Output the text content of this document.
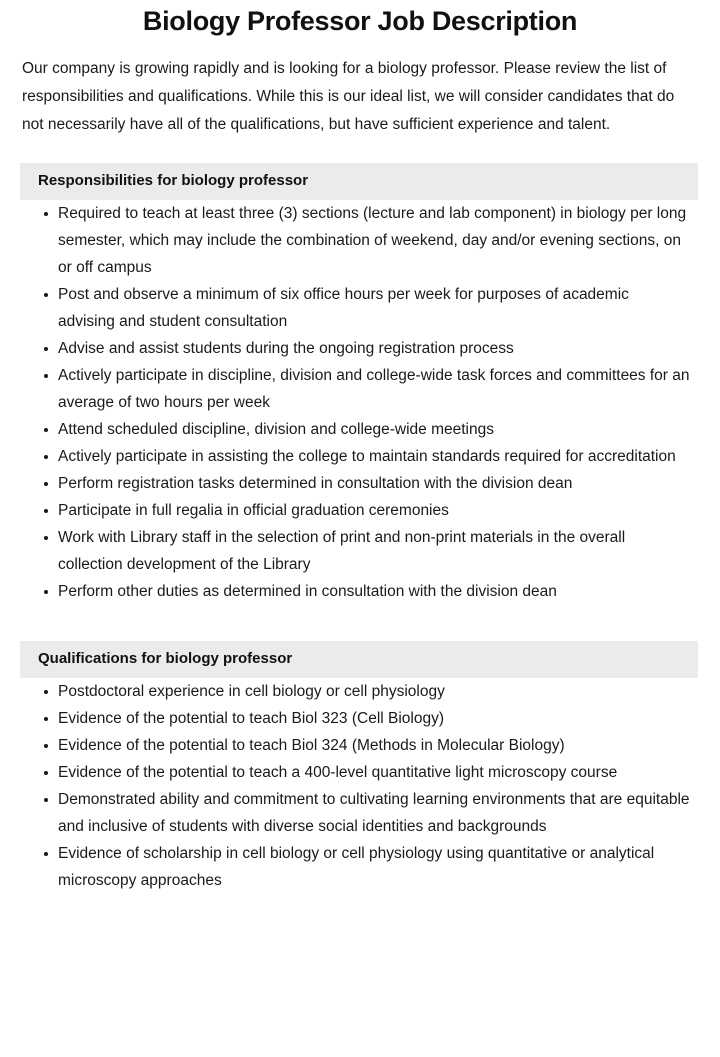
Biology Professor Job Description

Our company is growing rapidly and is looking for a biology professor. Please review the list of responsibilities and qualifications. While this is our ideal list, we will consider candidates that do not necessarily have all of the qualifications, but have sufficient experience and talent.

Responsibilities for biology professor
Required to teach at least three (3) sections (lecture and lab component) in biology per long semester, which may include the combination of weekend, day and/or evening sections, on or off campus
Post and observe a minimum of six office hours per week for purposes of academic advising and student consultation
Advise and assist students during the ongoing registration process
Actively participate in discipline, division and college-wide task forces and committees for an average of two hours per week
Attend scheduled discipline, division and college-wide meetings
Actively participate in assisting the college to maintain standards required for accreditation
Perform registration tasks determined in consultation with the division dean
Participate in full regalia in official graduation ceremonies
Work with Library staff in the selection of print and non-print materials in the overall collection development of the Library
Perform other duties as determined in consultation with the division dean
Qualifications for biology professor
Postdoctoral experience in cell biology or cell physiology
Evidence of the potential to teach Biol 323 (Cell Biology)
Evidence of the potential to teach Biol 324 (Methods in Molecular Biology)
Evidence of the potential to teach a 400-level quantitative light microscopy course
Demonstrated ability and commitment to cultivating learning environments that are equitable and inclusive of students with diverse social identities and backgrounds
Evidence of scholarship in cell biology or cell physiology using quantitative or analytical microscopy approaches
